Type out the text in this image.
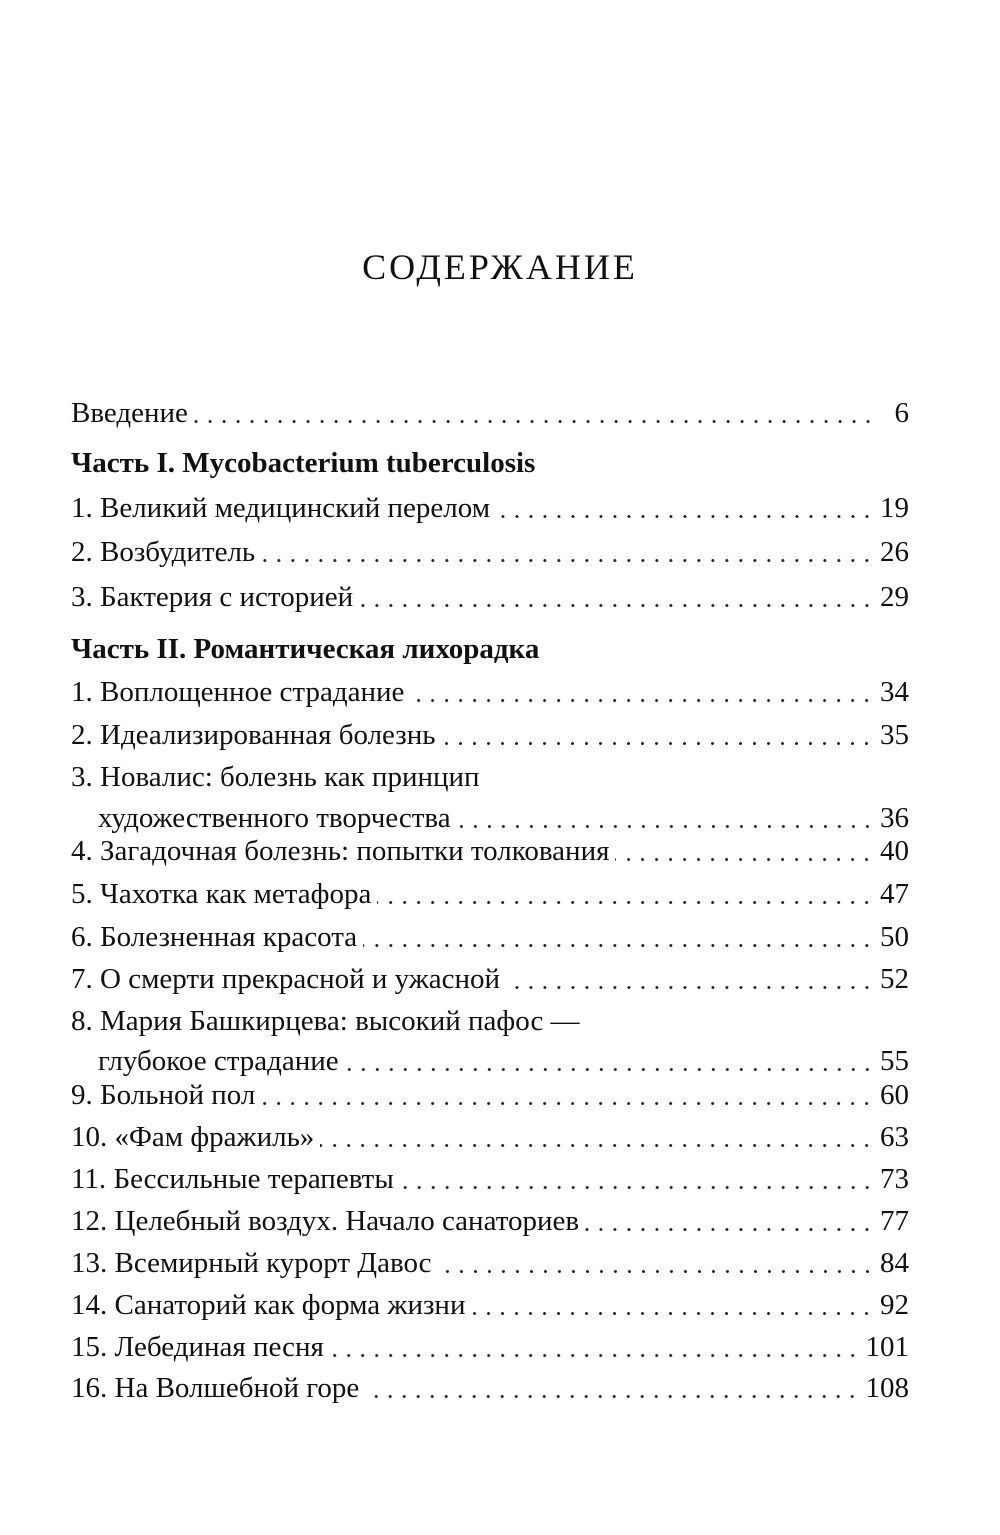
СОДЕРЖАНИЕ
Введение	6
Часть I. Mycobacterium tuberculosis
1. Великий медицинский перелом	19
2. Возбудитель	26
3. Бактерия с историей	29
Часть II. Романтическая лихорадка
1. Воплощенное страдание	34
2. Идеализированная болезнь	35
3. Новалис: болезнь как принцип
художественного творчества	36
4. Загадочная болезнь: попытки толкования	40
5. Чахотка как метафора	47
6. Болезненная красота	50
7. О смерти прекрасной и ужасной	52
8. Мария Башкирцева: высокий пафос —
глубокое страдание	55
9. Больной пол	60
10. «Фам фражиль»	63
11. Бессильные терапевты	73
12. Целебный воздух. Начало санаториев	77
13. Всемирный курорт Давос	84
14. Санаторий как форма жизни	92
15. Лебединая песня	101
16. На Волшебной горе	108
